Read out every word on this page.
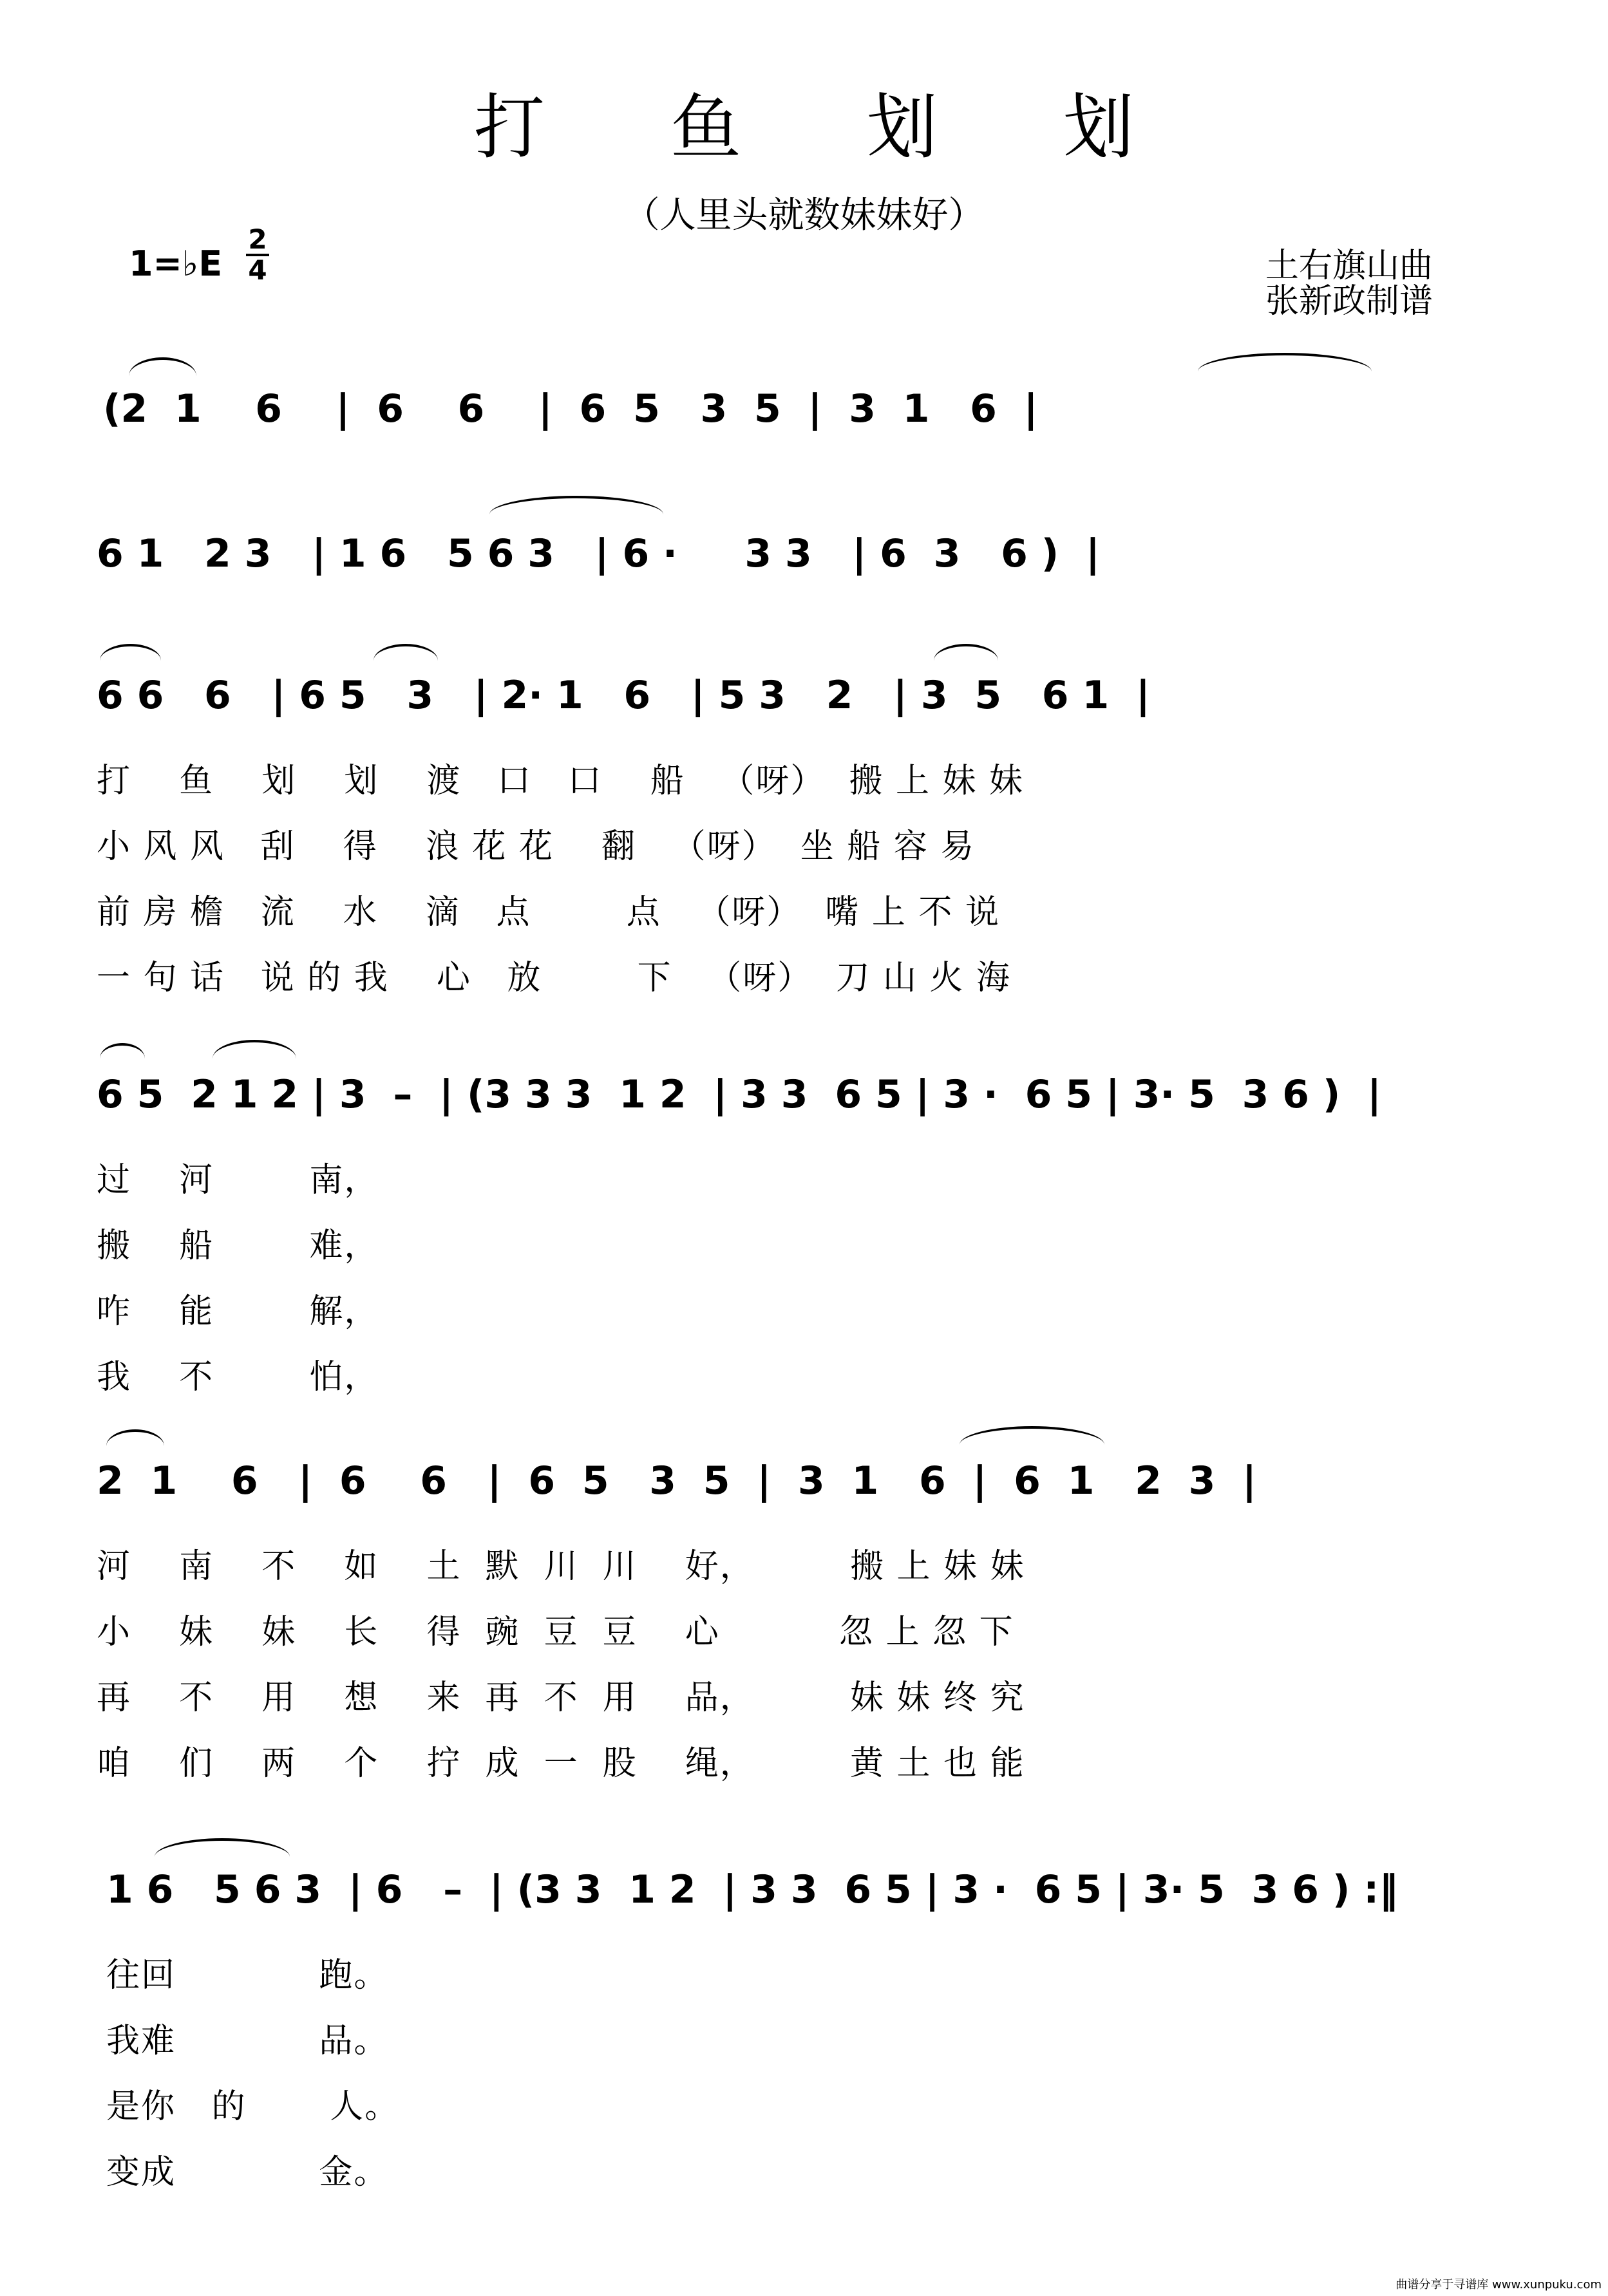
打 鱼 划 划
（人里头就数妹妹好）
1=♭E
2
4	土右旗山曲
张新政制谱
(2  1    6    |  6    6    |  6  5   3  5  |  3  1   6  |
6 1   2 3   | 1 6   5 6 3   | 6 ·     3 3   | 6  3   6 )  |
6 6   6   | 6 5   3   | 2· 1   6   | 5 3   2   | 3  5   6 1  |
打    鱼    划    划    渡   口   口    船   （呀）  搬 上 妹 妹
小 风 风   刮    得    浪 花 花    翻   （呀）  坐 船 容 易
前 房 檐   流    水    滴   点        点   （呀）  嘴 上 不 说
一 句 话   说 的 我    心   放        下   （呀）  刀 山 火 海
6 5  2 1 2 | 3  –  | (3 3 3  1 2  | 3 3  6 5 | 3 ·  6 5 | 3· 5  3 6 )  |
过    河        南，
搬    船        难，
咋    能        解，
我    不        怕，
2  1    6   |  6    6   |  6  5   3  5  |  3  1   6  |  6  1   2  3  |
河    南    不    如    土  默  川  川    好，        搬 上 妹 妹
小    妹    妹    长    得  豌  豆  豆    心          忽 上 忽 下
再    不    用    想    来  再  不  用    品，        妹 妹 终 究
咱    们    两    个    拧  成  一  股    绳，        黄 土 也 能
1 6   5 6 3  | 6   –  | (3 3  1 2  | 3 3  6 5 | 3 ·  6 5 | 3· 5  3 6 ) :‖
往回            跑。
我难            品。
是你   的       人。
变成            金。
曲谱分享于寻谱库 www.xunpuku.com
